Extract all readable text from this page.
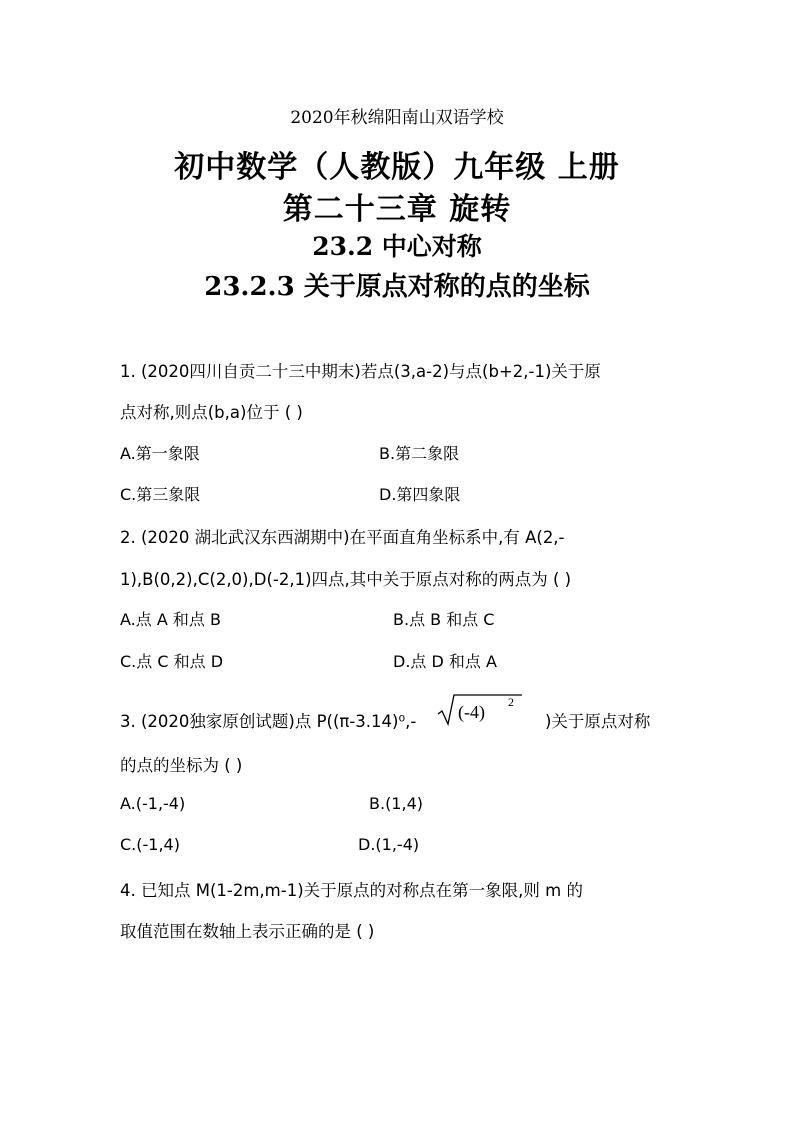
2020年秋绵阳南山双语学校
初中数学（人教版）九年级 上册
第二十三章 旋转
23.2 中心对称
23.2.3 关于原点对称的点的坐标
1. (2020四川自贡二十三中期末)若点(3,a-2)与点(b+2,-1)关于原
点对称,则点(b,a)位于 ( )
A.第一象限	B.第二象限
C.第三象限	D.第四象限
2. (2020 湖北武汉东西湖期中)在平面直角坐标系中,有 A(2,-
1),B(0,2),C(2,0),D(-2,1)四点,其中关于原点对称的两点为 ( )
A.点 A 和点 B	B.点 B 和点 C
C.点 C 和点 D	D.点 D 和点 A
3. (2020独家原创试题)点 P((π-3.14)⁰,- (-4) 2
)关于原点对称
的点的坐标为 ( )
A.(-1,-4)	B.(1,4)
C.(-1,4)	D.(1,-4)
4. 已知点 M(1-2m,m-1)关于原点的对称点在第一象限,则 m 的
取值范围在数轴上表示正确的是 ( )
